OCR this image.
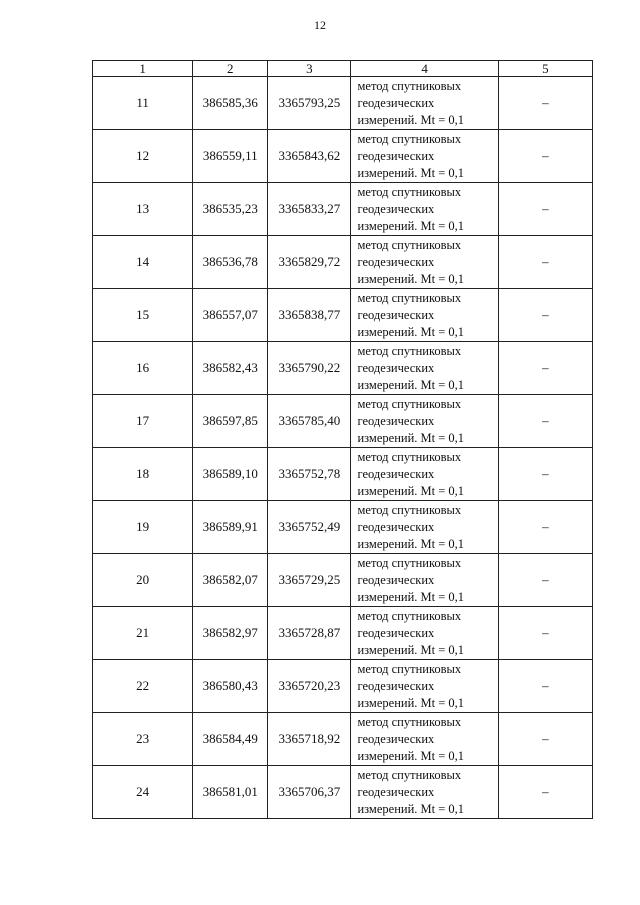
12
1	2	3	4	5
11	386585,36	3365793,25	метод спутниковых
геодезических
измерений. Mt = 0,1	–
12	386559,11	3365843,62	метод спутниковых
геодезических
измерений. Mt = 0,1	–
13	386535,23	3365833,27	метод спутниковых
геодезических
измерений. Mt = 0,1	–
14	386536,78	3365829,72	метод спутниковых
геодезических
измерений. Mt = 0,1	–
15	386557,07	3365838,77	метод спутниковых
геодезических
измерений. Mt = 0,1	–
16	386582,43	3365790,22	метод спутниковых
геодезических
измерений. Mt = 0,1	–
17	386597,85	3365785,40	метод спутниковых
геодезических
измерений. Mt = 0,1	–
18	386589,10	3365752,78	метод спутниковых
геодезических
измерений. Mt = 0,1	–
19	386589,91	3365752,49	метод спутниковых
геодезических
измерений. Mt = 0,1	–
20	386582,07	3365729,25	метод спутниковых
геодезических
измерений. Mt = 0,1	–
21	386582,97	3365728,87	метод спутниковых
геодезических
измерений. Mt = 0,1	–
22	386580,43	3365720,23	метод спутниковых
геодезических
измерений. Mt = 0,1	–
23	386584,49	3365718,92	метод спутниковых
геодезических
измерений. Mt = 0,1	–
24	386581,01	3365706,37	метод спутниковых
геодезических
измерений. Mt = 0,1	–
